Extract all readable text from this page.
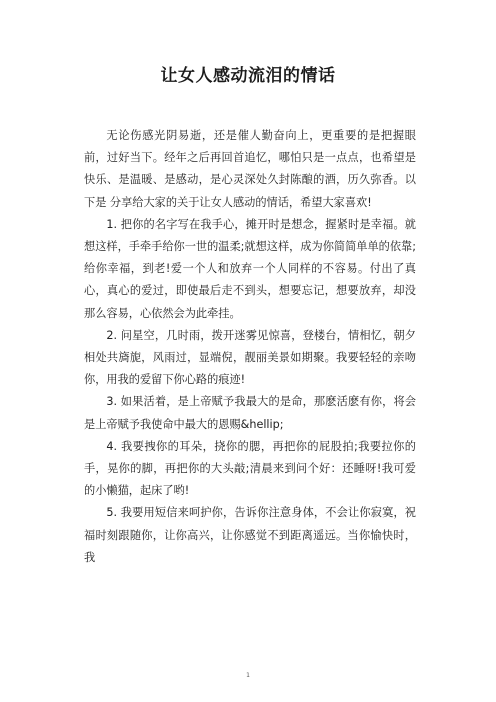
让女人感动流泪的情话

无论伤感光阴易逝，还是催人勤奋向上，更重要的是把握眼前，过好当下。经年之后再回首追忆，哪怕只是一点点，也希望是快乐、是温暖、是感动，是心灵深处久封陈酿的酒，历久弥香。以下是 分享给大家的关于让女人感动的情话，希望大家喜欢!

1. 把你的名字写在我手心，摊开时是想念，握紧时是幸福。就想这样，手牵手给你一世的温柔;就想这样，成为你简简单单的依靠;给你幸福，到老!爱一个人和放弃一个人同样的不容易。付出了真心，真心的爱过，即使最后走不到头，想要忘记，想要放弃，却没那么容易，心依然会为此牵挂。

2. 问星空，几时雨，拨开迷雾见惊喜，登楼台，情相忆，朝夕相处共旖旎，风雨过，显端倪，靓丽美景如期聚。我要轻轻的亲吻你，用我的爱留下你心路的痕迹!

3. 如果活着，是上帝赋予我最大的是命，那麽活麽有你，将会是上帝赋予我使命中最大的恩赐&hellip;

4. 我要拽你的耳朵，挠你的腮，再把你的屁股拍;我要拉你的手，晃你的脚，再把你的大头敲;清晨来到问个好：还睡呀!我可爱的小懒猫，起床了哟!

5. 我要用短信来呵护你，告诉你注意身体，不会让你寂寞，祝福时刻跟随你，让你高兴，让你感觉不到距离遥远。当你愉快时，我

1
